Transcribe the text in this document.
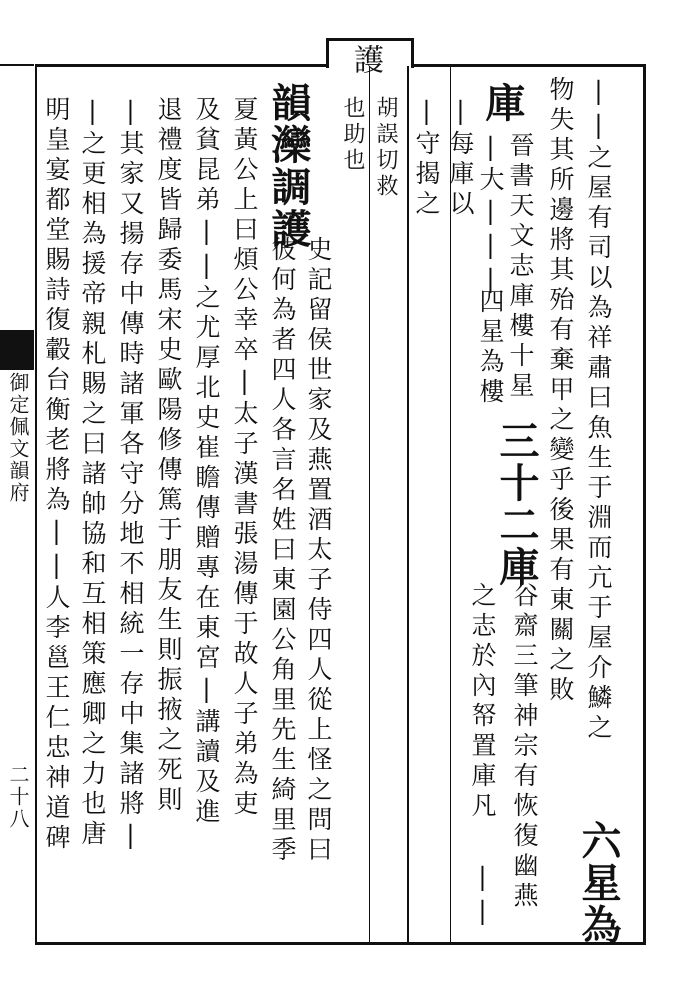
護
庫
晉書天文志庫樓十星 ||之屋有司以為祥肅曰魚生于淵而亢于屋介鱗之
六星為
物失其所邊將其殆有棄甲之變乎後果有東關之敗
|大|||
四星為樓
三十二庫
之志於內帑置庫凡 谷齋三筆神宗有恢復幽燕
||
|每庫以
|守揭之
胡誤切救
也助也
韻灤調護
史記留侯世家及燕置酒太子侍四人從上怪之問曰
彼何為者四人各言名姓曰東園公角里先生綺里季
夏黃公上曰煩公幸卒|太子漢書張湯傳于故人子弟為吏
及貧昆弟||之尤厚北史崔瞻傳贈專在東宮|講讀及進
退禮度皆歸委馬宋史歐陽修傳篤于朋友生則振掖之死則
|其家又揚存中傳時諸軍各守分地不相統一存中集諸將|
|之更相為援帝親札賜之曰諸帥協和互相策應卿之力也唐
明皇宴都堂賜詩復轂台衡老將為||人李邕王仁忠神道碑
御定佩文韻府
二十八
